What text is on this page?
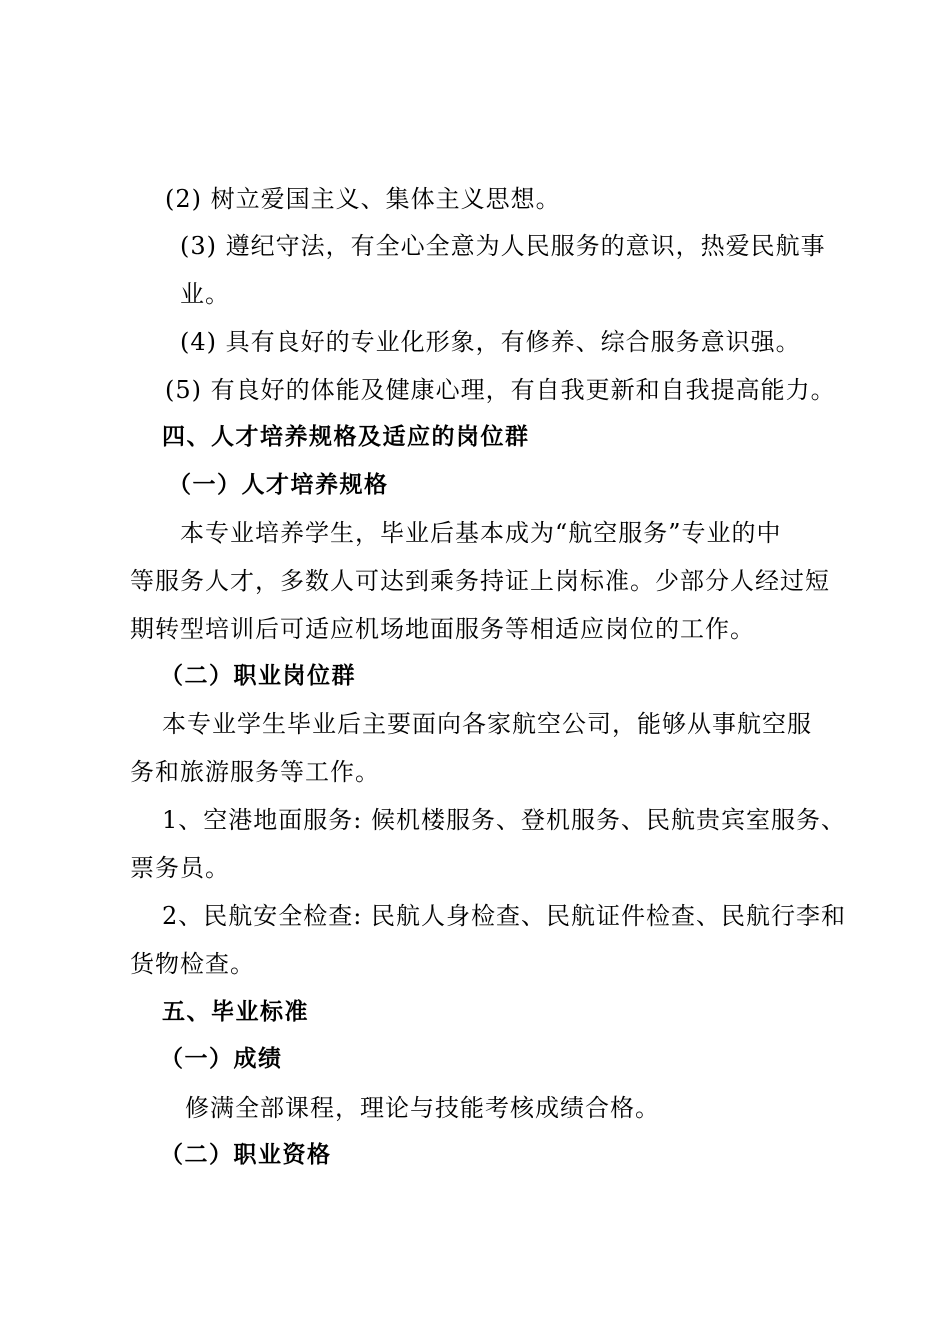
(2) 树立爱国主义、集体主义思想。
(3) 遵纪守法，有全心全意为人民服务的意识，热爱民航事
业。
(4) 具有良好的专业化形象，有修养、综合服务意识强。
(5) 有良好的体能及健康心理，有自我更新和自我提高能力。
四、人才培养规格及适应的岗位群
（一）人才培养规格
本专业培养学生，毕业后基本成为“航空服务”专业的中
等服务人才，多数人可达到乘务持证上岗标准。少部分人经过短
期转型培训后可适应机场地面服务等相适应岗位的工作。
（二）职业岗位群
本专业学生毕业后主要面向各家航空公司，能够从事航空服
务和旅游服务等工作。
1、空港地面服务: 候机楼服务、登机服务、民航贵宾室服务、
票务员。
2、民航安全检查: 民航人身检查、民航证件检查、民航行李和
货物检查。
五、毕业标准
（一）成绩
修满全部课程，理论与技能考核成绩合格。
（二）职业资格
